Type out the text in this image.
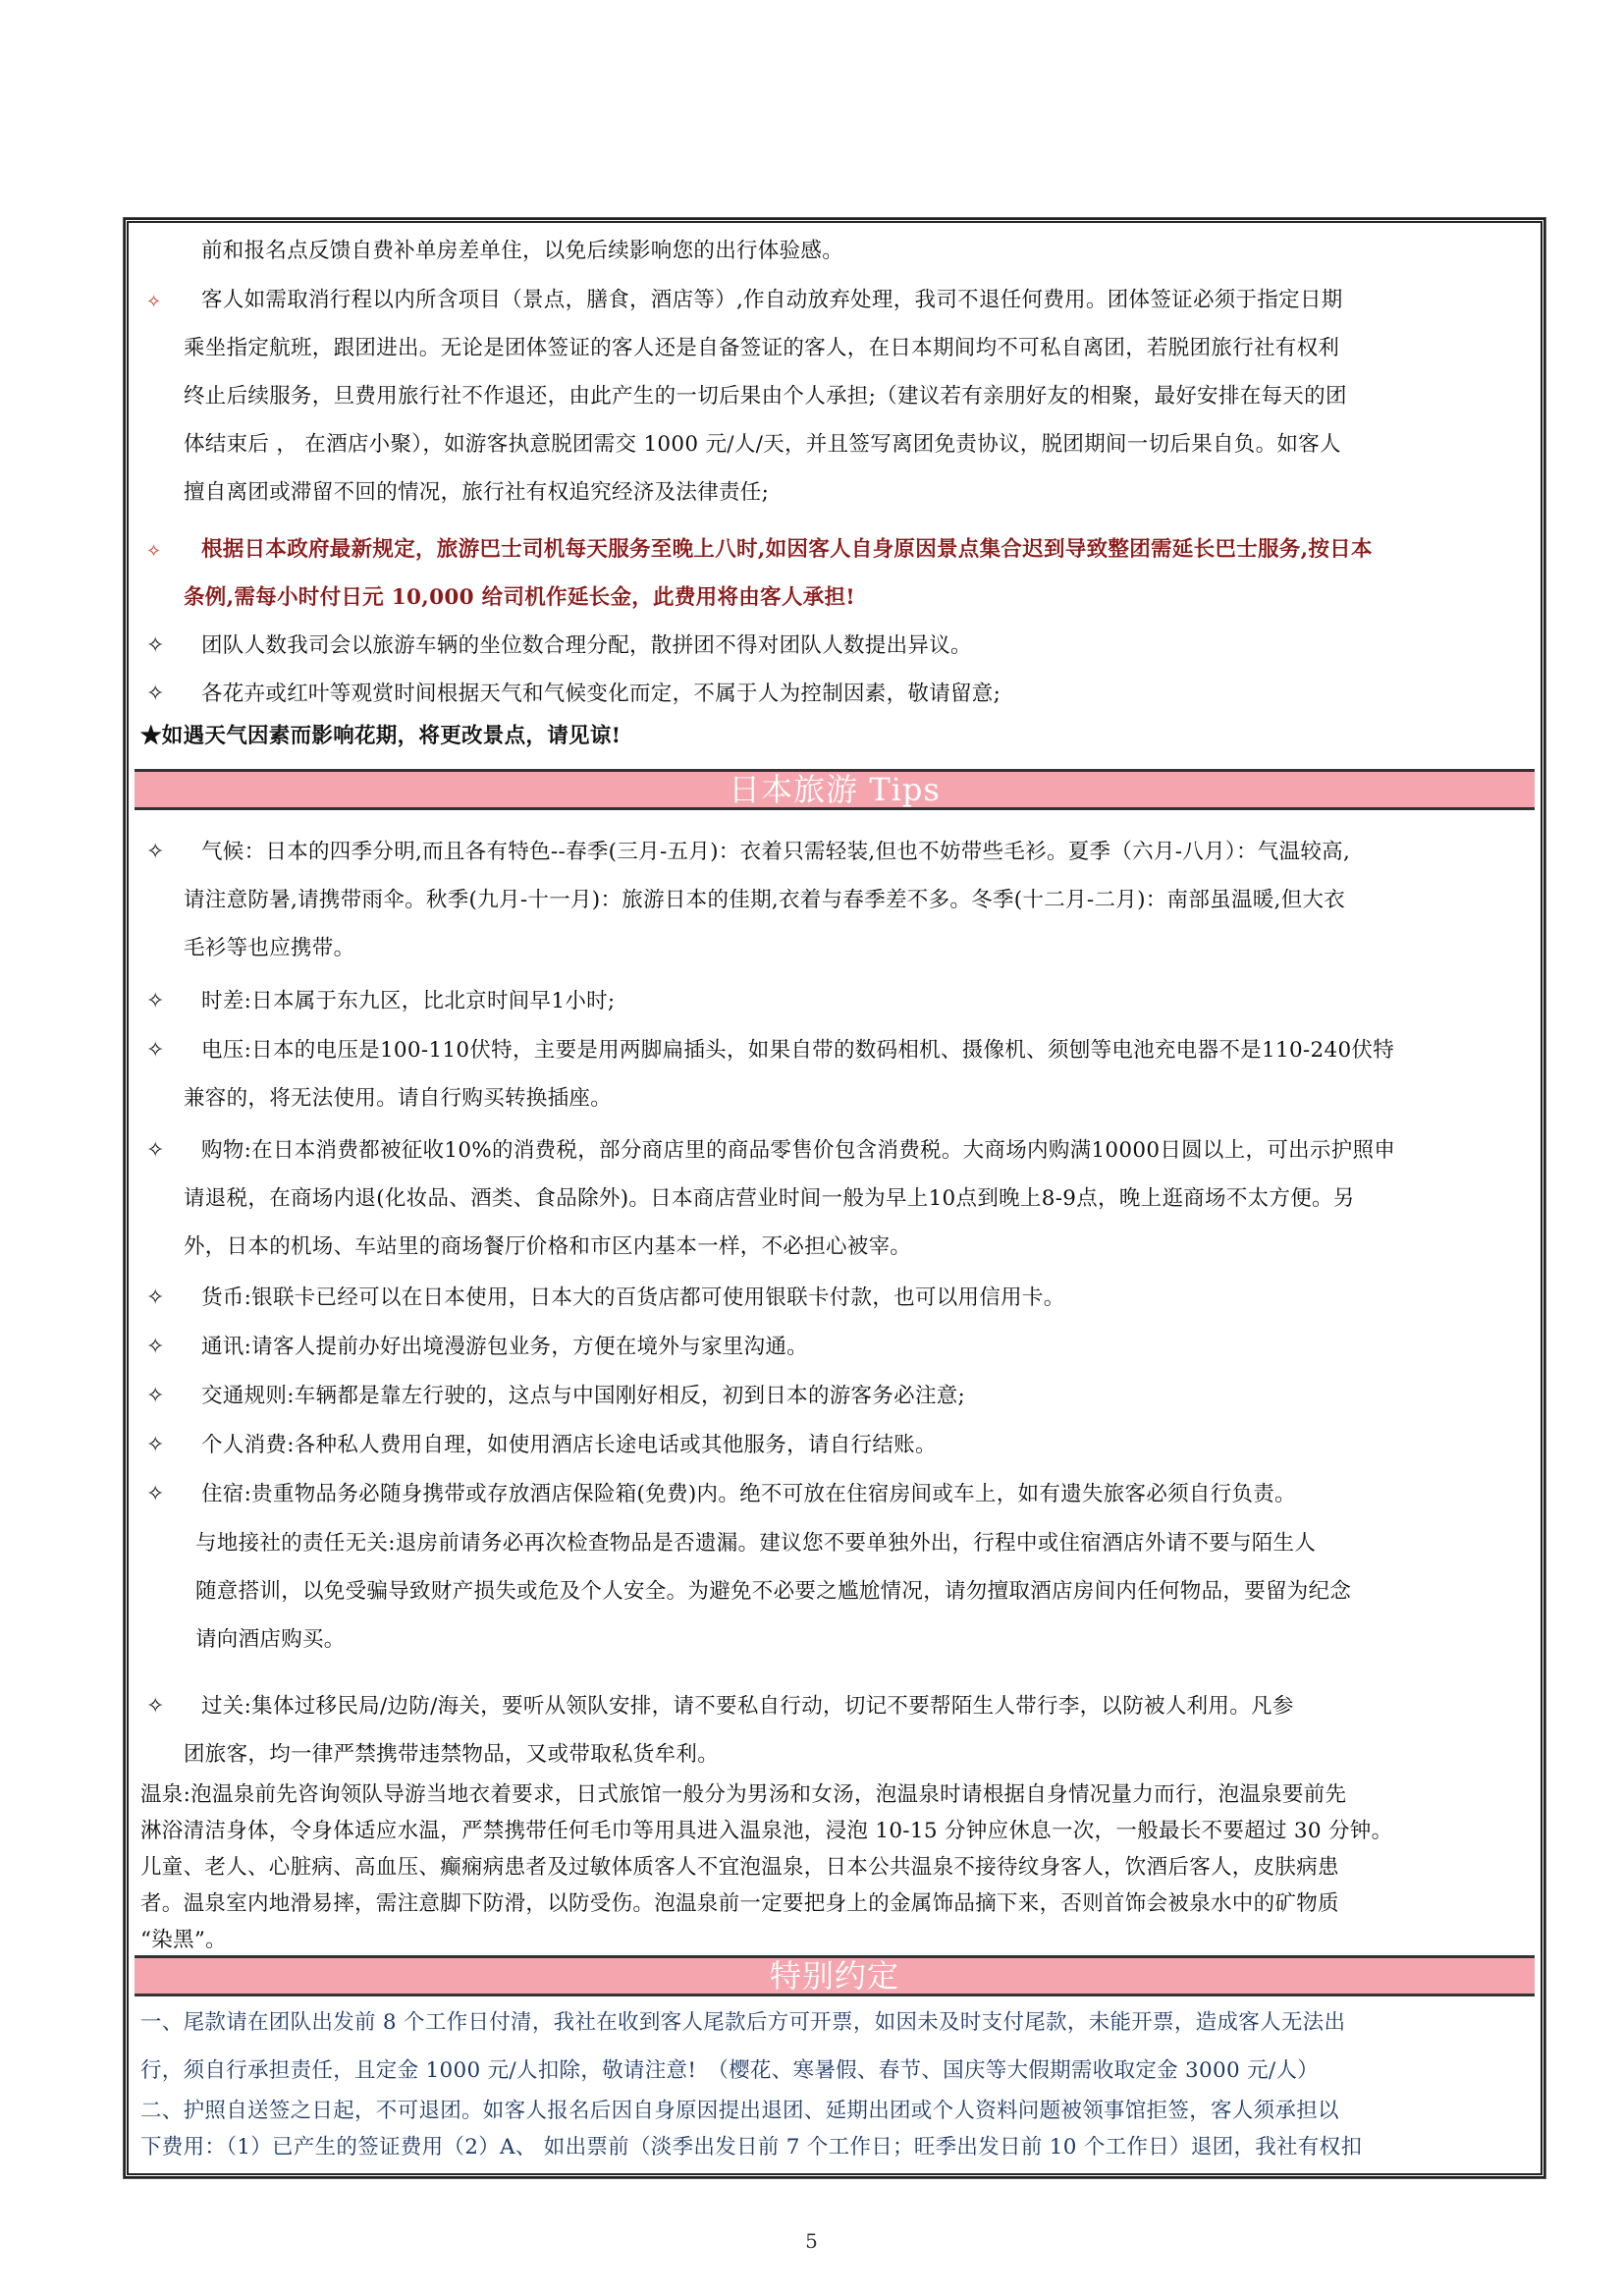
前和报名点反馈自费补单房差单住，以免后续影响您的出行体验感。
✧ 客人如需取消行程以内所含项目（景点，膳食，酒店等）,作自动放弃处理，我司不退任何费用。团体签证必须于指定日期
乘坐指定航班，跟团进出。无论是团体签证的客人还是自备签证的客人，在日本期间均不可私自离团，若脱团旅行社有权利
终止后续服务，旦费用旅行社不作退还，由此产生的一切后果由个人承担;（建议若有亲朋好友的相聚，最好安排在每天的团
体结束后 ， 在酒店小聚），如游客执意脱团需交 1000 元/人/天，并且签写离团免责协议，脱团期间一切后果自负。如客人
擅自离团或滞留不回的情况，旅行社有权追究经济及法律责任;
✧ 根据日本政府最新规定，旅游巴士司机每天服务至晚上八时,如因客人自身原因景点集合迟到导致整团需延长巴士服务,按日本
条例,需每小时付日元 10,000 给司机作延长金，此费用将由客人承担!
✧ 团队人数我司会以旅游车辆的坐位数合理分配，散拼团不得对团队人数提出异议。
✧ 各花卉或红叶等观赏时间根据天气和气候变化而定，不属于人为控制因素，敬请留意;
★如遇天气因素而影响花期，将更改景点，请见谅!
日本旅游 Tips
✧ 气候：日本的四季分明,而且各有特色--春季(三月-五月)：衣着只需轻装,但也不妨带些毛衫。夏季（六月-八月）：气温较高,
请注意防暑,请携带雨伞。秋季(九月-十一月)：旅游日本的佳期,衣着与春季差不多。冬季(十二月-二月)：南部虽温暖,但大衣
毛衫等也应携带。
✧ 时差:日本属于东九区，比北京时间早1小时;
✧ 电压:日本的电压是100-110伏特，主要是用两脚扁插头，如果自带的数码相机、摄像机、须刨等电池充电器不是110-240伏特
兼容的，将无法使用。请自行购买转换插座。
✧ 购物:在日本消费都被征收10%的消费税，部分商店里的商品零售价包含消费税。大商场内购满10000日圆以上，可出示护照申
请退税，在商场内退(化妆品、酒类、食品除外)。日本商店营业时间一般为早上10点到晚上8-9点，晚上逛商场不太方便。另
外，日本的机场、车站里的商场餐厅价格和市区内基本一样，不必担心被宰。
✧ 货币:银联卡已经可以在日本使用，日本大的百货店都可使用银联卡付款，也可以用信用卡。
✧ 通讯:请客人提前办好出境漫游包业务，方便在境外与家里沟通。
✧ 交通规则:车辆都是靠左行驶的，这点与中国刚好相反，初到日本的游客务必注意;
✧ 个人消费:各种私人费用自理，如使用酒店长途电话或其他服务，请自行结账。
✧ 住宿:贵重物品务必随身携带或存放酒店保险箱(免费)内。绝不可放在住宿房间或车上，如有遗失旅客必须自行负责。
与地接社的责任无关:退房前请务必再次检查物品是否遗漏。建议您不要单独外出，行程中或住宿酒店外请不要与陌生人
随意搭训，以免受骗导致财产损失或危及个人安全。为避免不必要之尴尬情况，请勿擅取酒店房间内任何物品，要留为纪念
请向酒店购买。
✧ 过关:集体过移民局/边防/海关，要听从领队安排，请不要私自行动，切记不要帮陌生人带行李，以防被人利用。凡参
团旅客，均一律严禁携带违禁物品，又或带取私货牟利。
温泉:泡温泉前先咨询领队导游当地衣着要求，日式旅馆一般分为男汤和女汤，泡温泉时请根据自身情况量力而行，泡温泉要前先
淋浴清洁身体，令身体适应水温，严禁携带任何毛巾等用具进入温泉池，浸泡 10-15 分钟应休息一次，一般最长不要超过 30 分钟。
儿童、老人、心脏病、高血压、癫痫病患者及过敏体质客人不宜泡温泉，日本公共温泉不接待纹身客人，饮酒后客人，皮肤病患
者。温泉室内地滑易摔，需注意脚下防滑，以防受伤。泡温泉前一定要把身上的金属饰品摘下来，否则首饰会被泉水中的矿物质
“染黑”。
特别约定
一、尾款请在团队出发前 8 个工作日付清，我社在收到客人尾款后方可开票，如因未及时支付尾款，未能开票，造成客人无法出
行，须自行承担责任，且定金 1000 元/人扣除，敬请注意!　（樱花、寒暑假、春节、国庆等大假期需收取定金 3000 元/人）
二、护照自送签之日起，不可退团。如客人报名后因自身原因提出退团、延期出团或个人资料问题被领事馆拒签，客人须承担以
下费用：（1）已产生的签证费用（2）A、 如出票前（淡季出发日前 7 个工作日；旺季出发日前 10 个工作日）退团，我社有权扣
5
